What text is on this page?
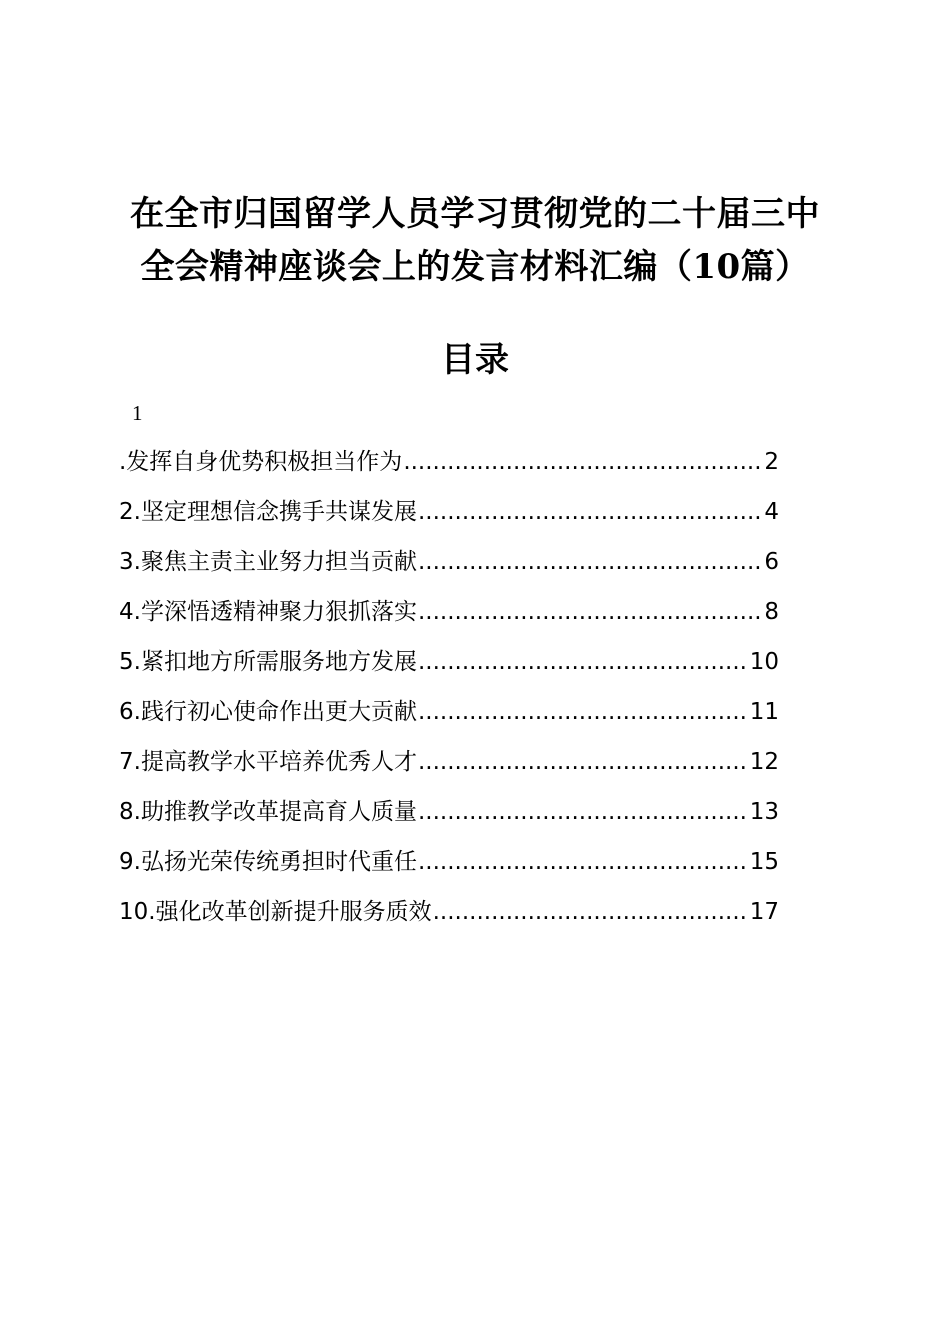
在全市归国留学人员学习贯彻党的二十届三中
全会精神座谈会上的发言材料汇编（10篇）
目录
1
.发挥自身优势积极担当作为 .....	2
2.坚定理想信念携手共谋发展 .....	4
3.聚焦主责主业努力担当贡献 .....	6
4.学深悟透精神聚力狠抓落实 .....	8
5.紧扣地方所需服务地方发展 .....	10
6.践行初心使命作出更大贡献 .....	11
7.提高教学水平培养优秀人才 .....	12
8.助推教学改革提高育人质量 .....	13
9.弘扬光荣传统勇担时代重任 .....	15
10.强化改革创新提升服务质效 .....	17
